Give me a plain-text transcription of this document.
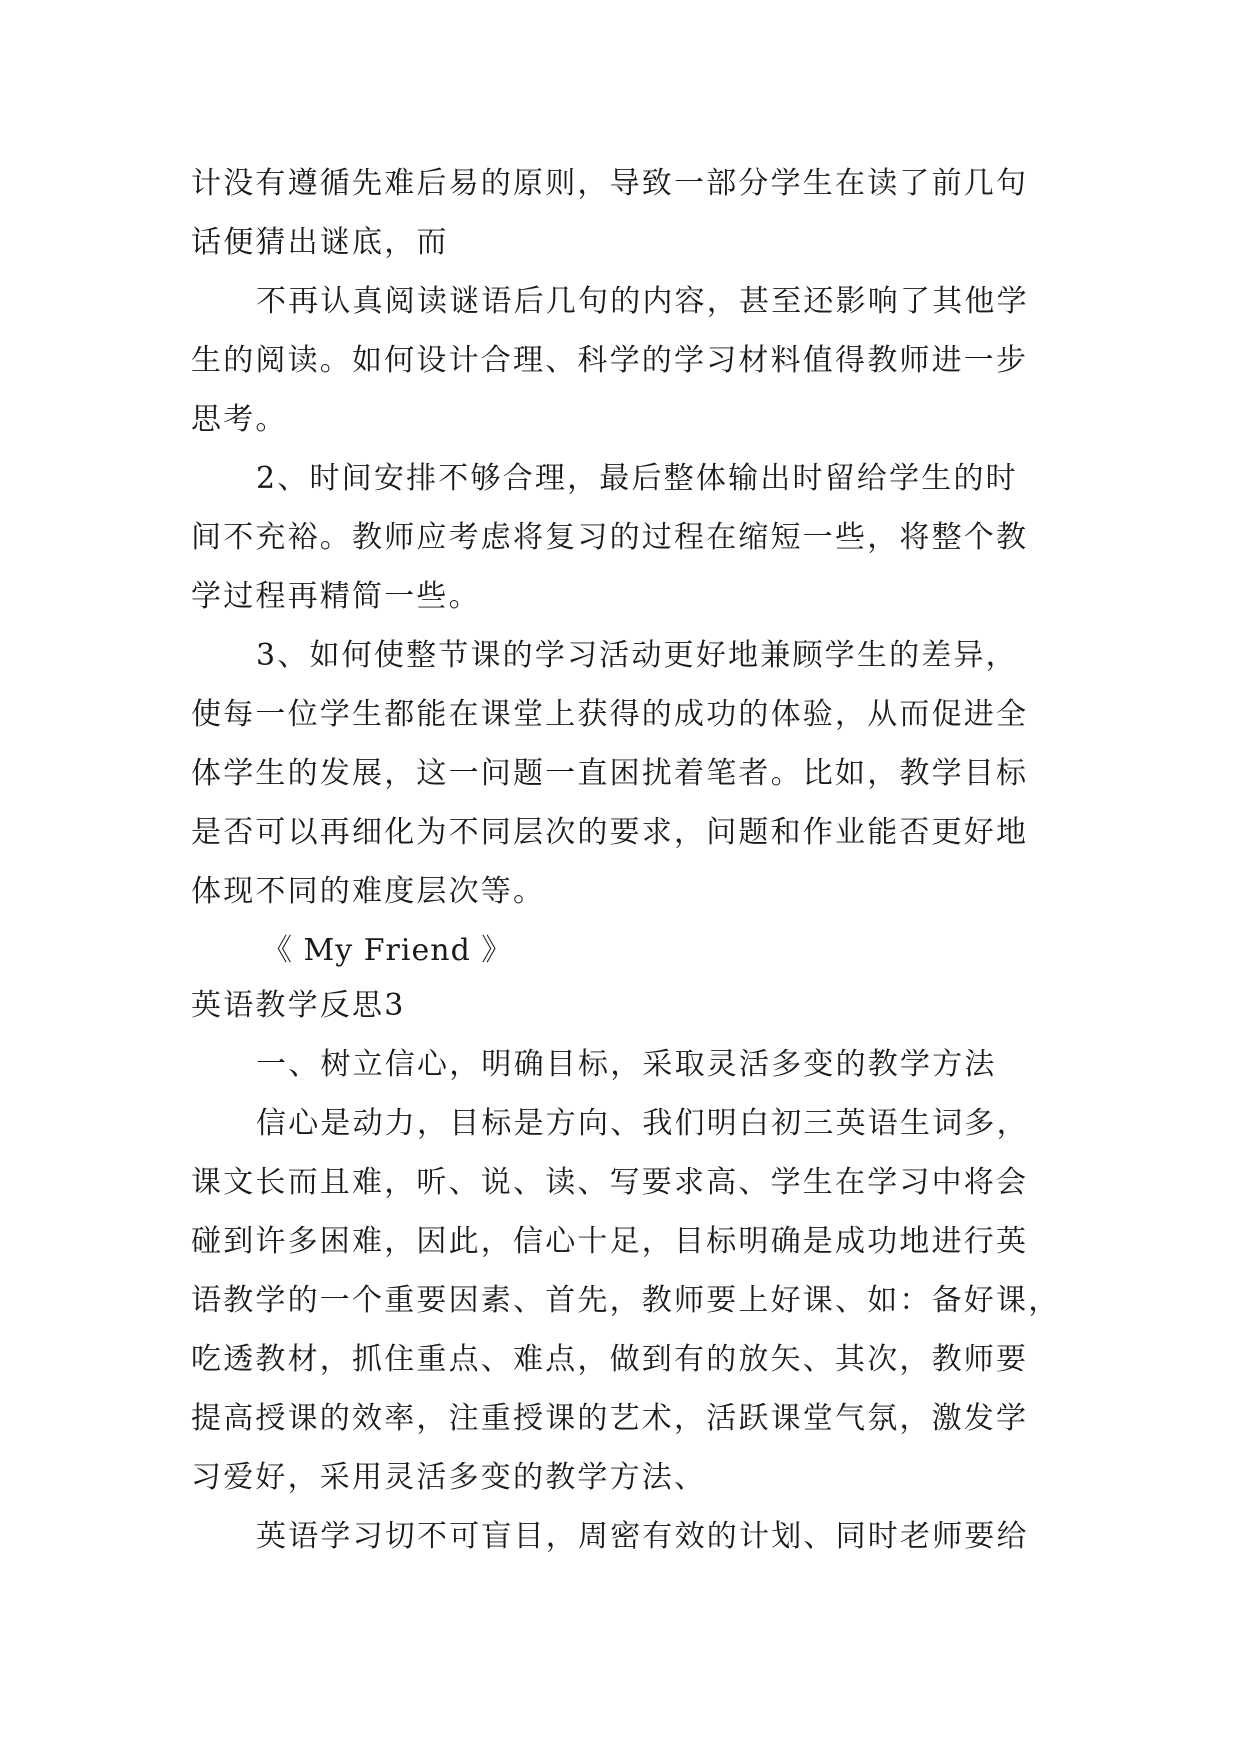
计没有遵循先难后易的原则，导致一部分学生在读了前几句
话便猜出谜底，而
不再认真阅读谜语后几句的内容，甚至还影响了其他学
生的阅读。如何设计合理、科学的学习材料值得教师进一步
思考。
2、时间安排不够合理，最后整体输出时留给学生的时
间不充裕。教师应考虑将复习的过程在缩短一些，将整个教
学过程再精简一些。
3、如何使整节课的学习活动更好地兼顾学生的差异，
使每一位学生都能在课堂上获得的成功的体验，从而促进全
体学生的发展，这一问题一直困扰着笔者。比如，教学目标
是否可以再细化为不同层次的要求，问题和作业能否更好地
体现不同的难度层次等。
《 My Friend 》
英语教学反思3
一、树立信心，明确目标，采取灵活多变的教学方法
信心是动力，目标是方向、我们明白初三英语生词多，
课文长而且难，听、说、读、写要求高、学生在学习中将会
碰到许多困难，因此，信心十足，目标明确是成功地进行英
语教学的一个重要因素、首先，教师要上好课、如：备好课，
吃透教材，抓住重点、难点，做到有的放矢、其次，教师要
提高授课的效率，注重授课的艺术，活跃课堂气氛，激发学
习爱好，采用灵活多变的教学方法、
英语学习切不可盲目，周密有效的计划、同时老师要给
